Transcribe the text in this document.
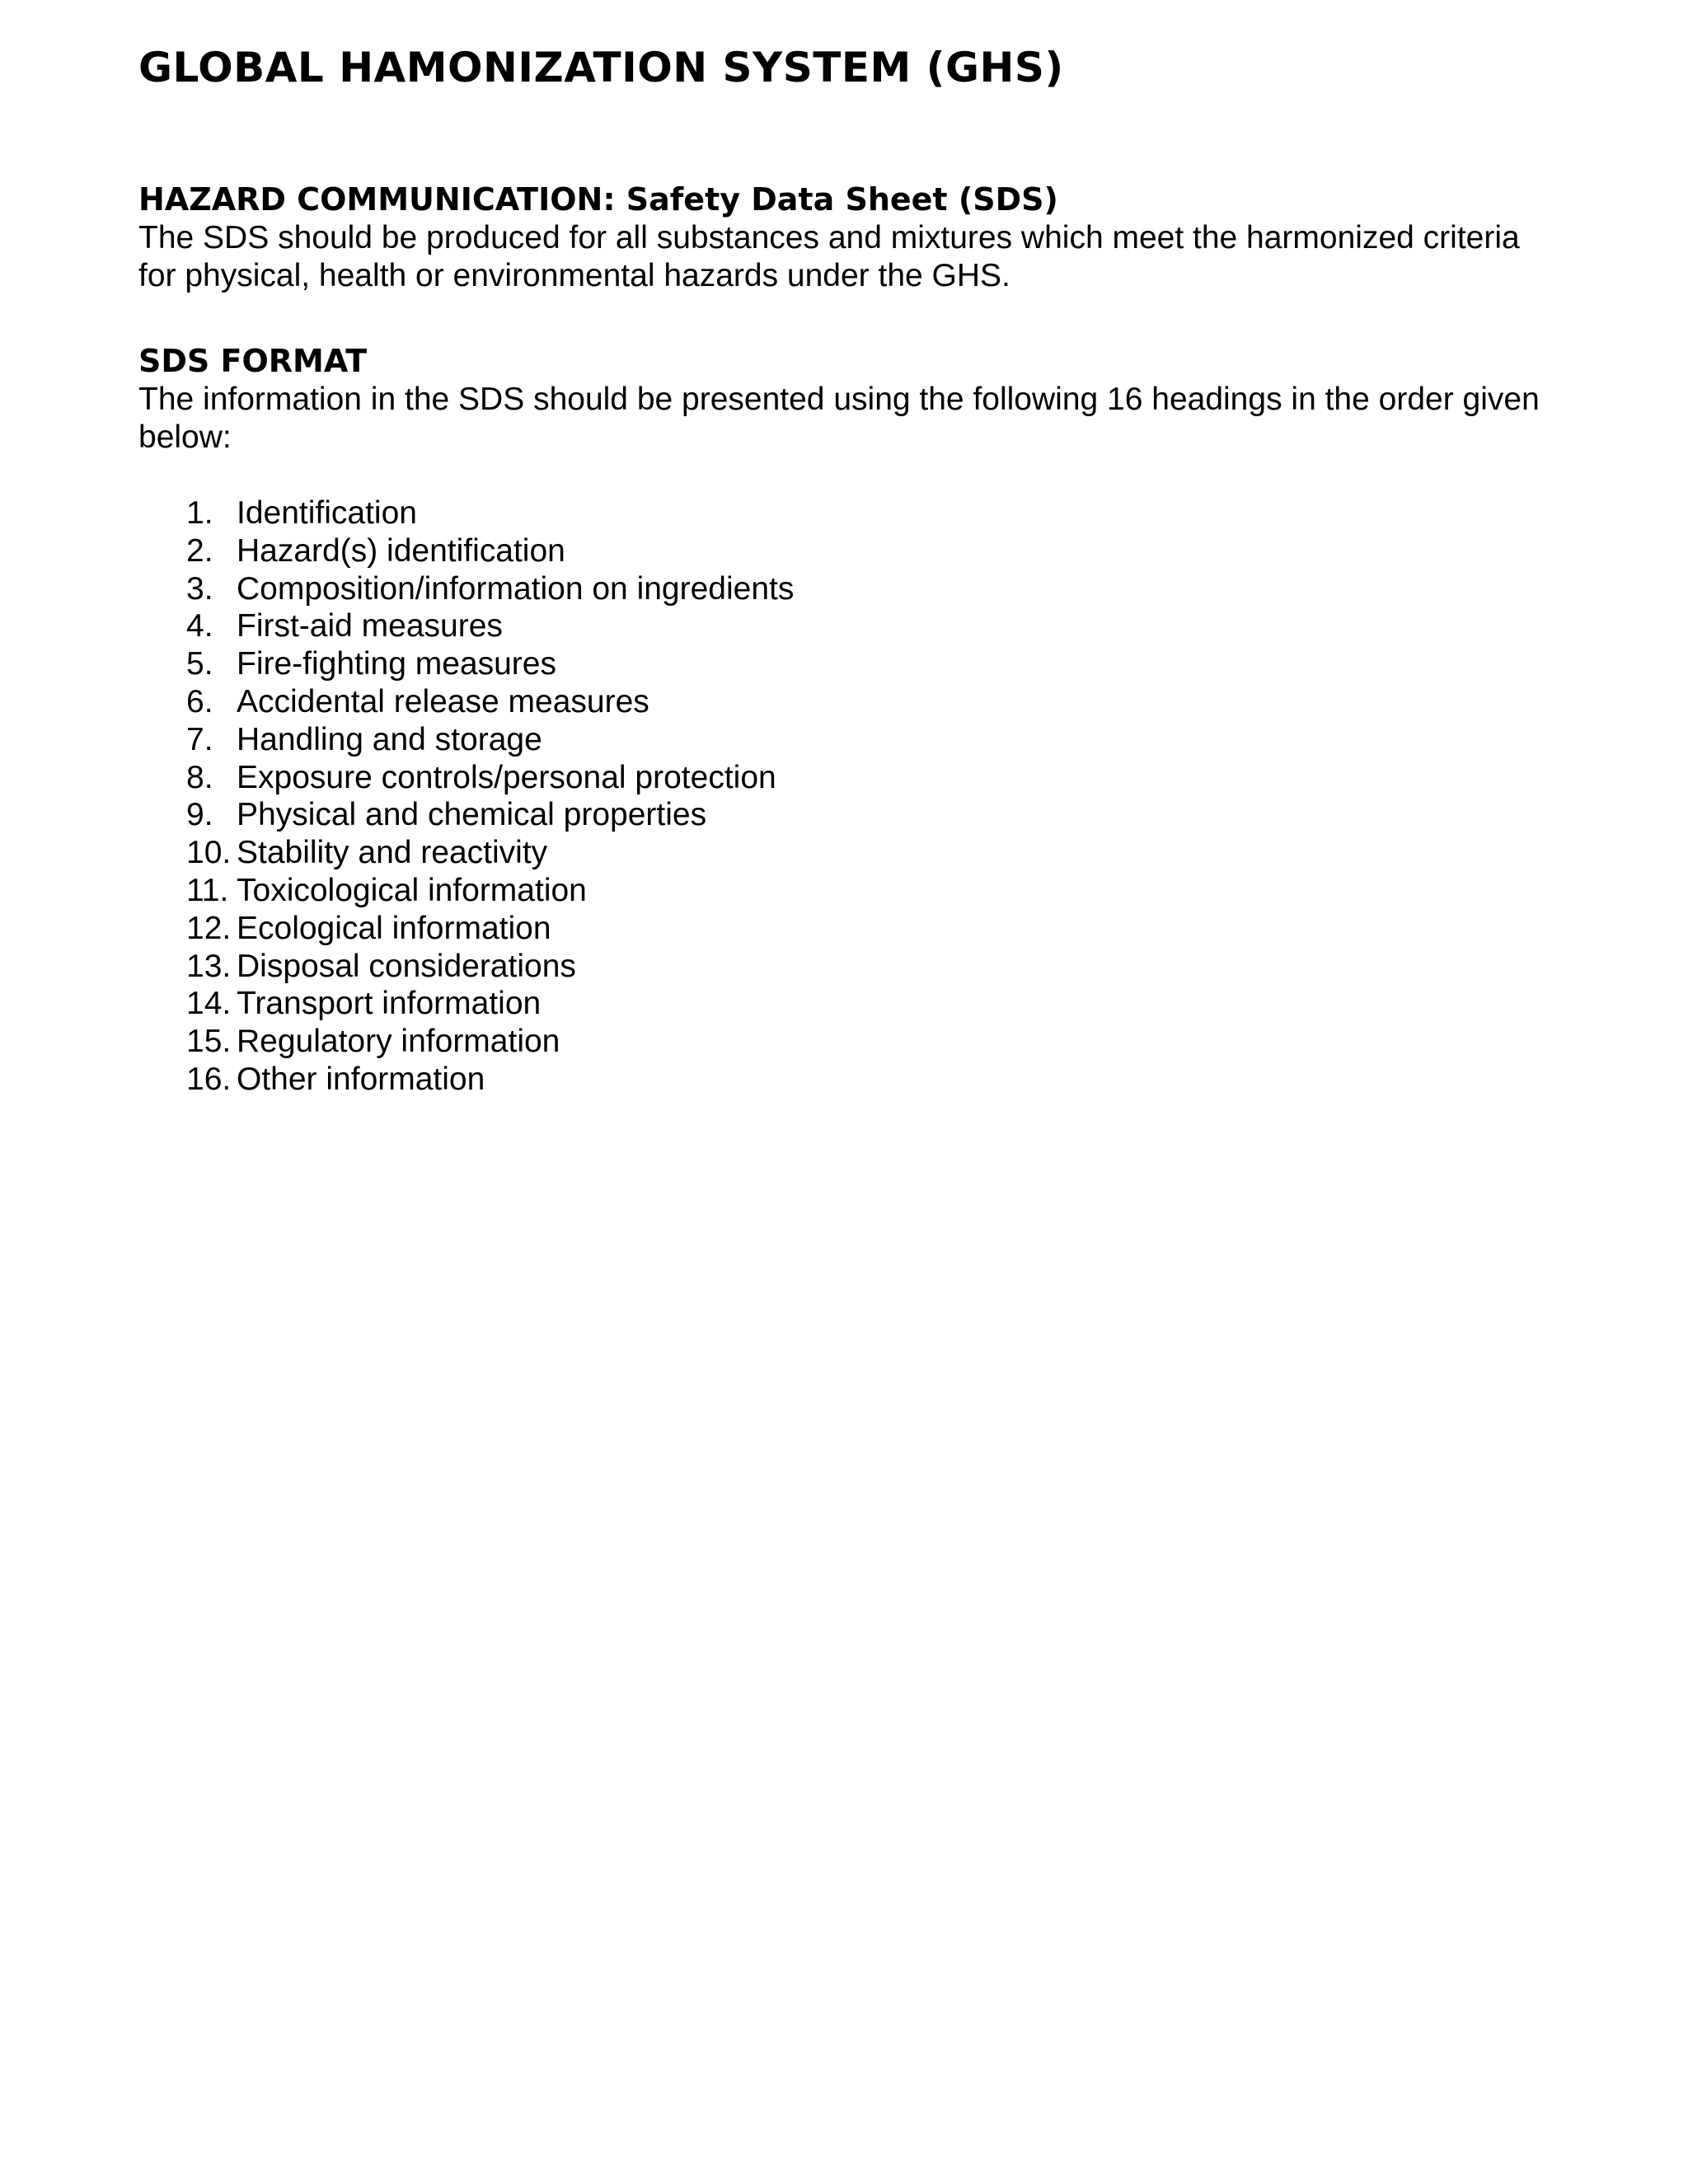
GLOBAL HAMONIZATION SYSTEM (GHS)
HAZARD COMMUNICATION: Safety Data Sheet (SDS)

The SDS should be produced for all substances and mixtures which meet the harmonized criteria for physical, health or environmental hazards under the GHS.

SDS FORMAT

The information in the SDS should be presented using the following 16 headings in the order given below:

1. Identification
2. Hazard(s) identification
3. Composition/information on ingredients
4. First-aid measures
5. Fire-fighting measures
6. Accidental release measures
7. Handling and storage
8. Exposure controls/personal protection
9. Physical and chemical properties
10. Stability and reactivity
11. Toxicological information
12. Ecological information
13. Disposal considerations
14. Transport information
15. Regulatory information
16. Other information
